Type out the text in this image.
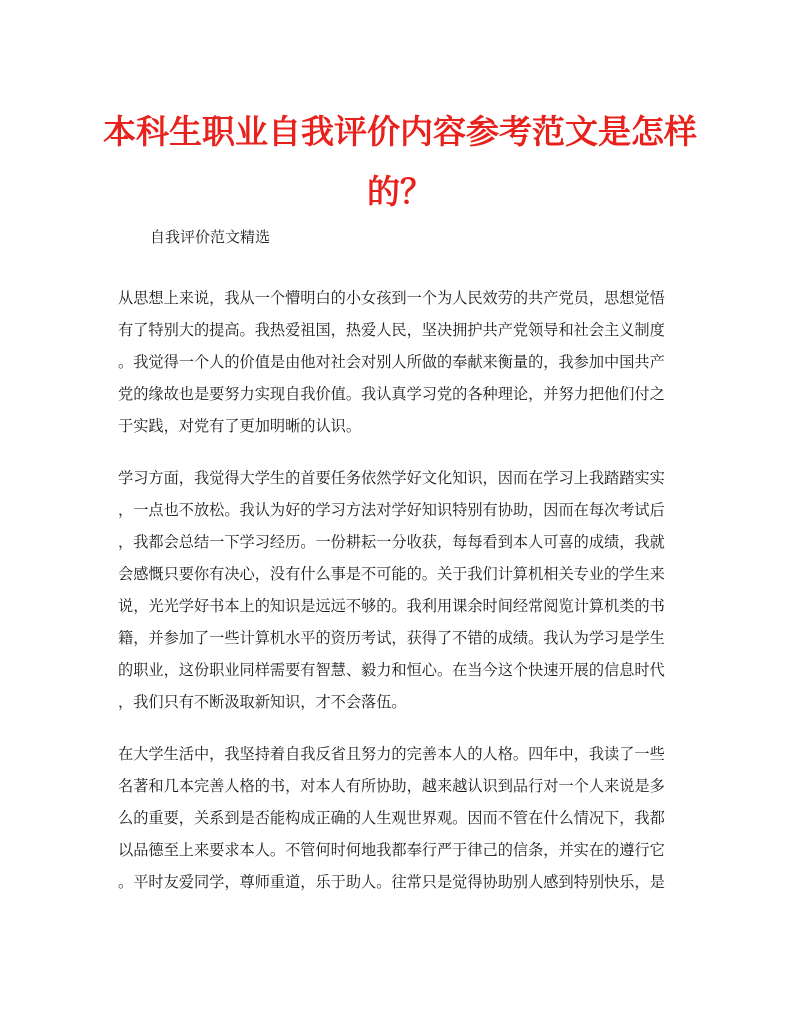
本科生职业自我评价内容参考范文是怎样
的？

自我评价范文精选

从思想上来说，我从一个懵明白的小女孩到一个为人民效劳的共产党员，思想觉悟
有了特别大的提高。我热爱祖国，热爱人民，坚决拥护共产党领导和社会主义制度
。我觉得一个人的价值是由他对社会对别人所做的奉献来衡量的，我参加中国共产
党的缘故也是要努力实现自我价值。我认真学习党的各种理论，并努力把他们付之
于实践，对党有了更加明晰的认识。
学习方面，我觉得大学生的首要任务依然学好文化知识，因而在学习上我踏踏实实
，一点也不放松。我认为好的学习方法对学好知识特别有协助，因而在每次考试后
，我都会总结一下学习经历。一份耕耘一分收获，每每看到本人可喜的成绩，我就
会感慨只要你有决心，没有什么事是不可能的。关于我们计算机相关专业的学生来
说，光光学好书本上的知识是远远不够的。我利用课余时间经常阅览计算机类的书
籍，并参加了一些计算机水平的资历考试，获得了不错的成绩。我认为学习是学生
的职业，这份职业同样需要有智慧、毅力和恒心。在当今这个快速开展的信息时代
，我们只有不断汲取新知识，才不会落伍。
在大学生活中，我坚持着自我反省且努力的完善本人的人格。四年中，我读了一些
名著和几本完善人格的书，对本人有所协助，越来越认识到品行对一个人来说是多
么的重要，关系到是否能构成正确的人生观世界观。因而不管在什么情况下，我都
以品德至上来要求本人。不管何时何地我都奉行严于律己的信条，并实在的遵行它
。平时友爱同学，尊师重道，乐于助人。往常只是觉得协助别人感到特别快乐，是
